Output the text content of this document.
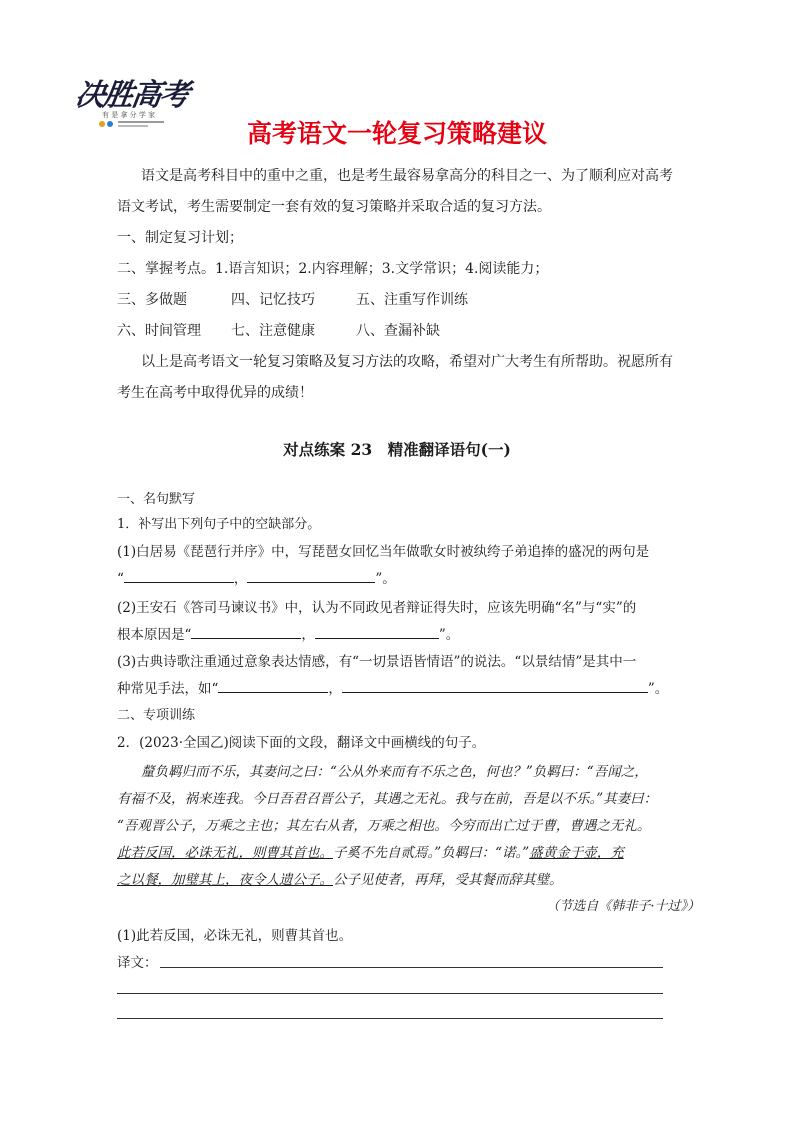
决胜高考
有 是 拿 分 学 家
高考语文一轮复习策略建议
语文是高考科目中的重中之重，也是考生最容易拿高分的科目之一、为了顺利应对高考
语文考试，考生需要制定一套有效的复习策略并采取合适的复习方法。
一、制定复习计划；
二、掌握考点。1.语言知识；2.内容理解；3.文学常识；4.阅读能力；
三、多做题	四、记忆技巧	五、注重写作训练
六、时间管理 七、注意健康	八、查漏补缺
以上是高考语文一轮复习策略及复习方法的攻略，希望对广大考生有所帮助。祝愿所有
考生在高考中取得优异的成绩！
对点练案 23　精准翻译语句(一)
一、名句默写
1．补写出下列句子中的空缺部分。
(1)白居易《琵琶行并序》中，写琵琶女回忆当年做歌女时被纨绔子弟追捧的盛况的两句是
“	，	”。
(2)王安石《答司马谏议书》中，认为不同政见者辩证得失时，应该先明确“名”与“实”的
根本原因是“	，	”。
(3)古典诗歌注重通过意象表达情感，有“一切景语皆情语”的说法。“以景结情”是其中一
种常见手法，如“	，	”。
二、专项训练
2．(2023·全国乙)阅读下面的文段，翻译文中画横线的句子。
釐负羁归而不乐，其妻问之曰：“公从外来而有不乐之色，何也？”负羁曰：“吾闻之，
有福不及，祸来连我。今日吾君召晋公子，其遇之无礼。我与在前，吾是以不乐。”其妻曰：
“吾观晋公子，万乘之主也；其左右从者，万乘之相也。今穷而出亡过于曹，曹遇之无礼。
此若反国，必诛无礼，则曹其首也。子奚不先自贰焉。”负羁曰：“诺。”盛黄金于壶，充
之以餐，加璧其上，夜令人遗公子。公子见使者，再拜，受其餐而辞其璧。
（节选自《韩非子·十过》）
(1)此若反国，必诛无礼，则曹其首也。
译文：
